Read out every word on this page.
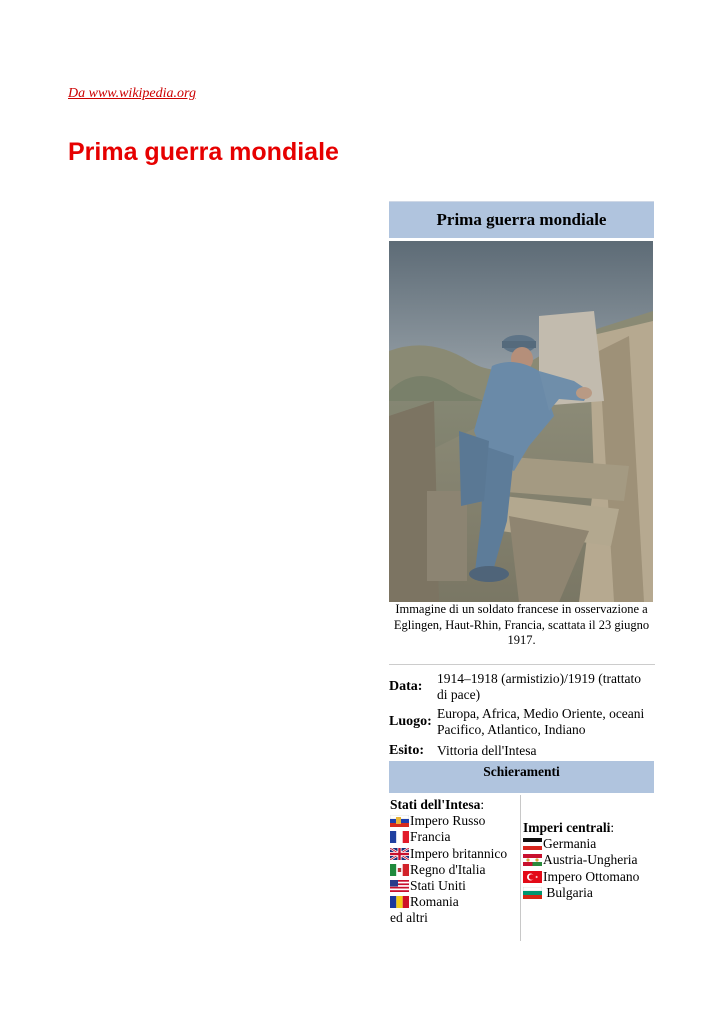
Da www.wikipedia.org
Prima guerra mondiale
Prima guerra mondiale
Immagine di un soldato francese in osservazione a Eglingen, Haut-Rhin, Francia, scattata il 23 giugno 1917.
Data:
1914–1918 (armistizio)/1919 (trattato di pace)
Luogo:
Europa, Africa, Medio Oriente, oceani Pacifico, Atlantico, Indiano
Esito: Vittoria dell'Intesa
Schieramenti
Stati dell'Intesa:
Impero Russo
Francia
Impero britannico
Regno d'Italia
Stati Uniti
Romania
ed altri
Imperi centrali:
Germania
Austria-Ungheria
Impero Ottomano
Bulgaria
